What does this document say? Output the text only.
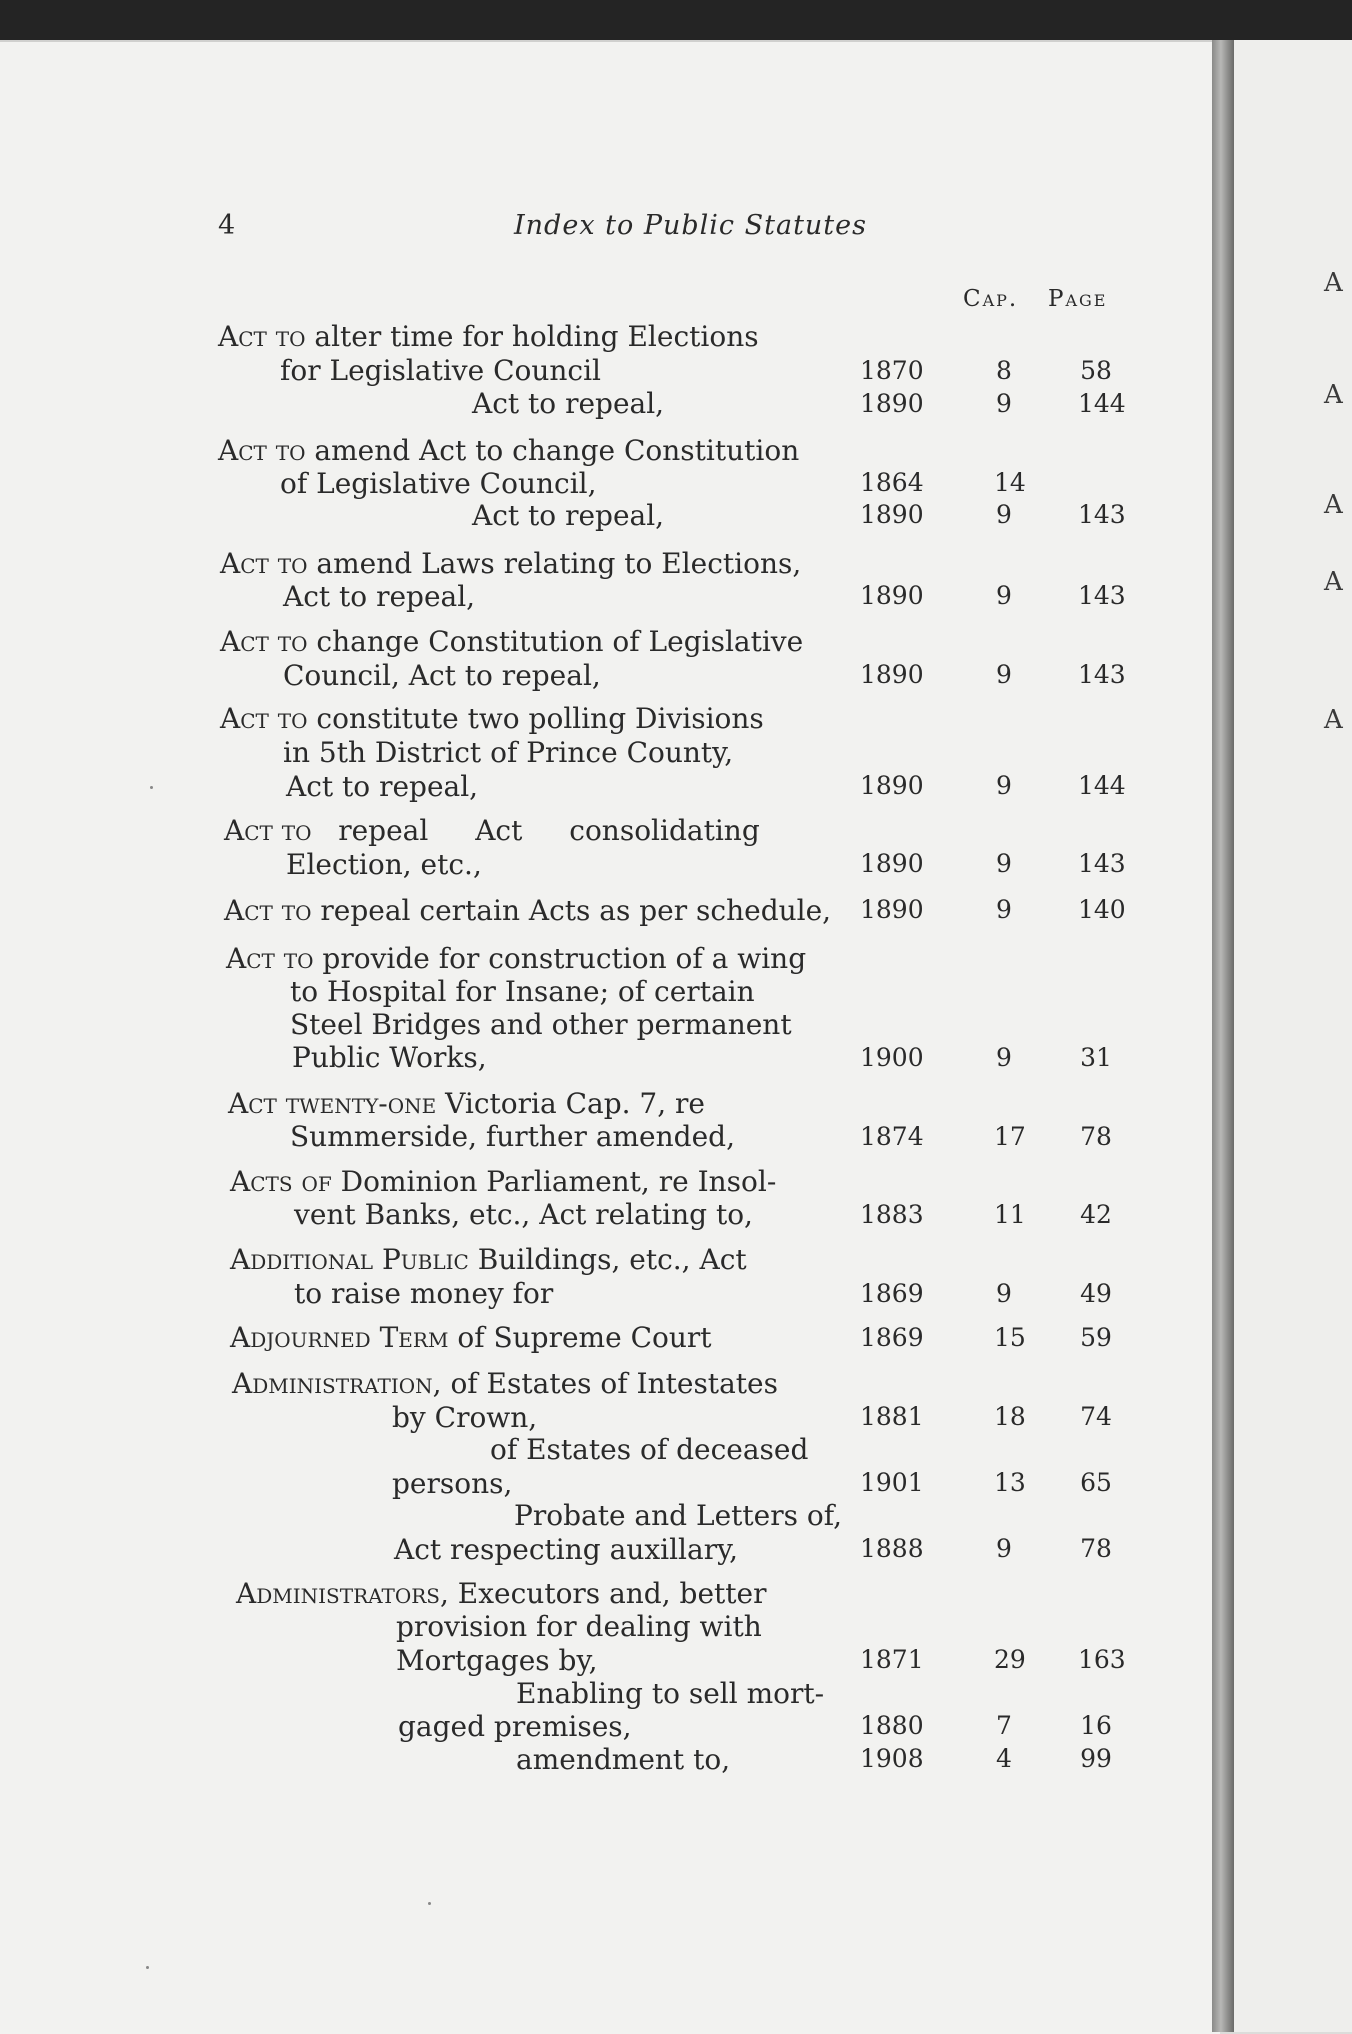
A
A
A
A
A
4	Index to Public Statutes
Cap. Page
Act to alter time for holding Elections
for Legislative Council	1870	8	58
Act to repeal,	1890	9	144
Act to amend Act to change Constitution
of Legislative Council,	1864	14
Act to repeal,	1890	9	143
Act to amend Laws relating to Elections,
Act to repeal,	1890	9	143
Act to change Constitution of Legislative
Council, Act to repeal,	1890	9	143
Act to constitute two polling Divisions
in 5th District of Prince County,
Act to repeal,	1890	9	144
Act to repeal Act consolidating
Election, etc.,	1890	9	143
Act to repeal certain Acts as per schedule, 1890	9	140
Act to provide for construction of a wing
to Hospital for Insane; of certain
Steel Bridges and other permanent
Public Works,	1900	9	31
Act twenty-one Victoria Cap. 7, re
Summerside, further amended,	1874	17 78
Acts of Dominion Parliament, re Insol-
vent Banks, etc., Act relating to,	1883	11 42
Additional Public Buildings, etc., Act
to raise money for	1869	9	49
Adjourned Term of Supreme Court	1869	15 59
Administration, of Estates of Intestates
by Crown,	1881	18 74
of Estates of deceased
persons,	1901	13 65
Probate and Letters of,
Act respecting auxillary,	1888	9	78
Administrators, Executors and, better
provision for dealing with
Mortgages by,	1871	29 163
Enabling to sell mort-
gaged premises,	1880	7	16
amendment to,	1908	4	99
